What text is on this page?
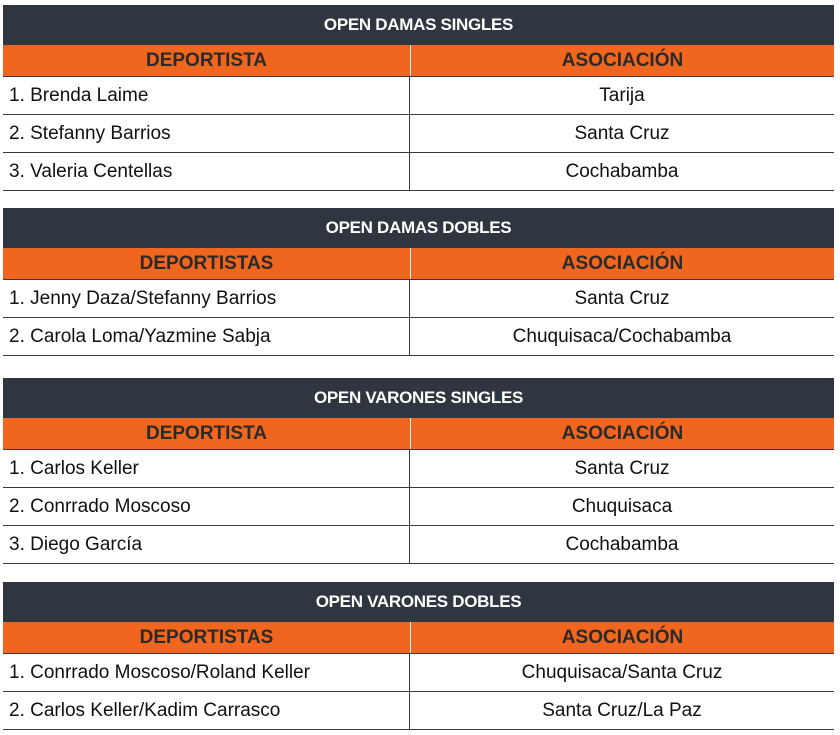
OPEN DAMAS SINGLES
DEPORTISTA	ASOCIACIÓN
1. Brenda Laime	Tarija
2. Stefanny Barrios	Santa Cruz
3. Valeria Centellas	Cochabamba
OPEN DAMAS DOBLES
DEPORTISTAS	ASOCIACIÓN
1. Jenny Daza/Stefanny Barrios	Santa Cruz
2. Carola Loma/Yazmine Sabja	Chuquisaca/Cochabamba
OPEN VARONES SINGLES
DEPORTISTA	ASOCIACIÓN
1. Carlos Keller	Santa Cruz
2. Conrrado Moscoso	Chuquisaca
3. Diego García	Cochabamba
OPEN VARONES DOBLES
DEPORTISTAS	ASOCIACIÓN
1. Conrrado Moscoso/Roland Keller	Chuquisaca/Santa Cruz
2. Carlos Keller/Kadim Carrasco	Santa Cruz/La Paz
